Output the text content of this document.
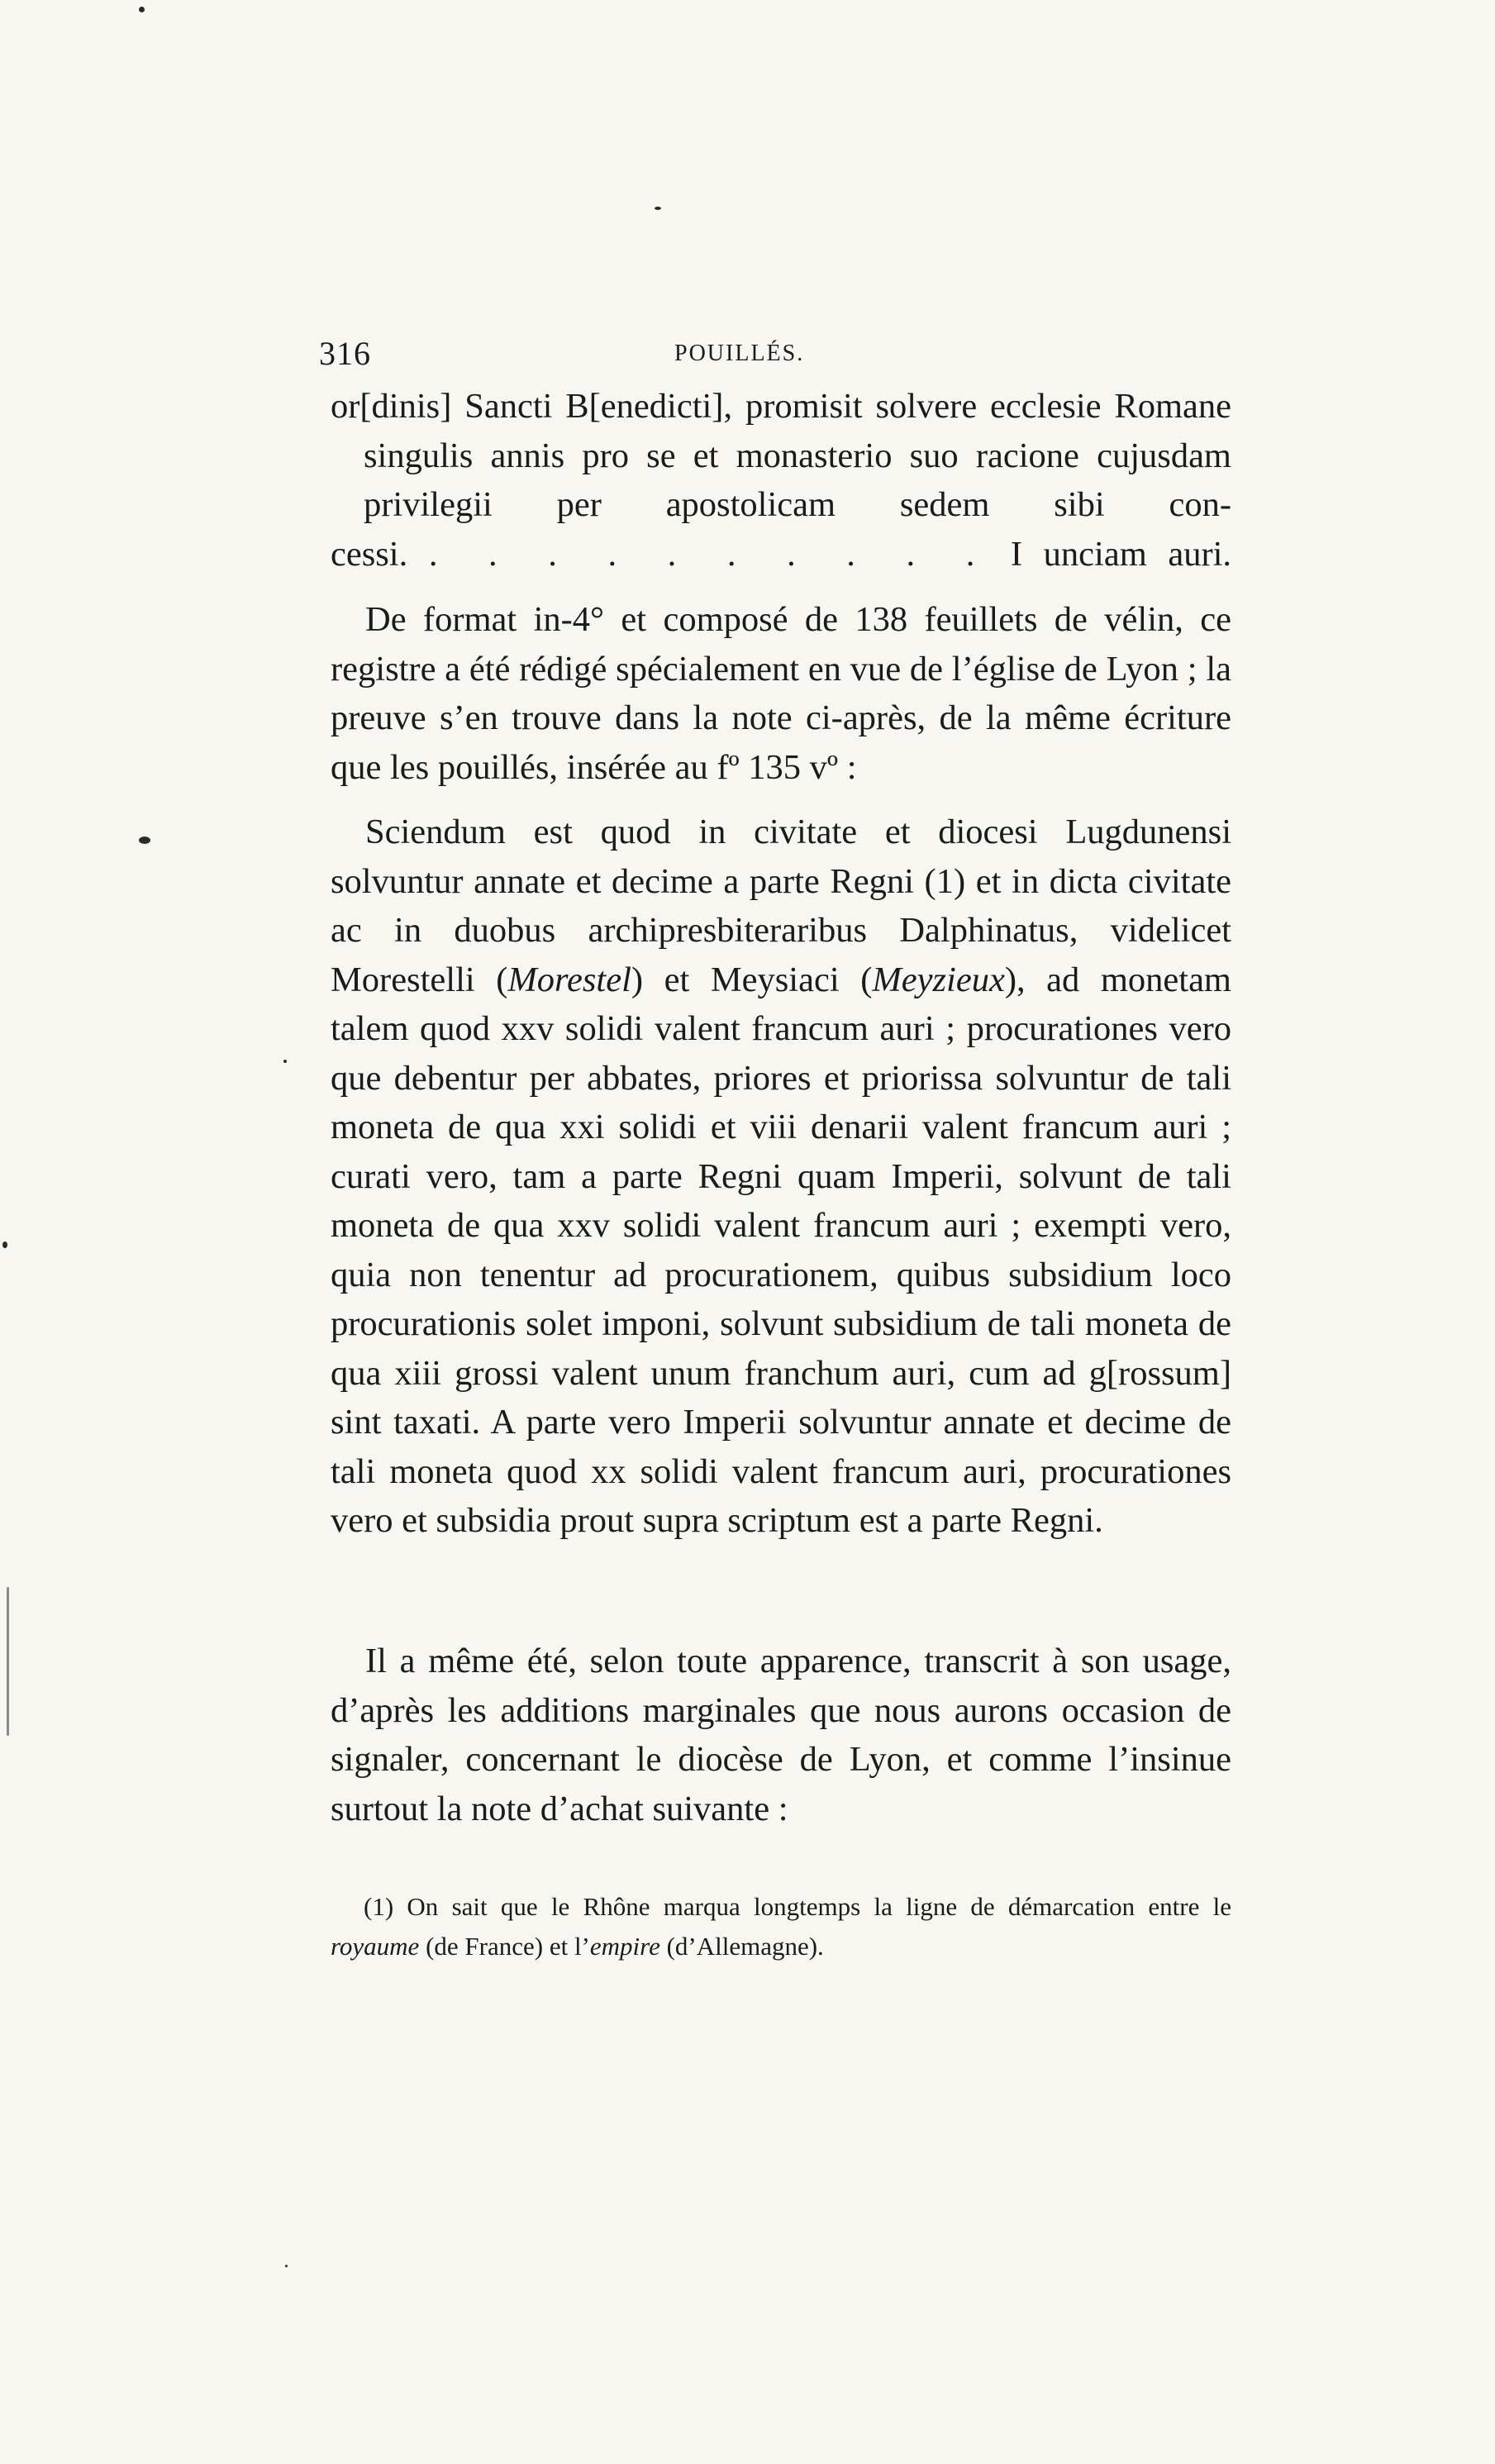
316	POUILLÉS.

or[dinis] Sancti B[enedicti], promisit solvere ecclesie Romane singulis annis pro se et monasterio suo racione cujusdam privilegii per apostolicam sedem sibi con-

cessi. . . . . . . . . . . I unciam auri.

De format in-4° et composé de 138 feuillets de vélin, ce registre a été rédigé spécialement en vue de l’église de Lyon ; la preuve s’en trouve dans la note ci-après, de la même écriture que les pouillés, insérée au fº 135 vº :

Sciendum est quod in civitate et diocesi Lugdunensi solvuntur annate et decime a parte Regni (1) et in dicta civitate ac in duobus archipresbiteraribus Dalphinatus, videlicet Morestelli (Morestel) et Meysiaci (Meyzieux), ad monetam talem quod xxv solidi valent francum auri ; procurationes vero que debentur per abbates, priores et priorissa solvuntur de tali moneta de qua xxi solidi et viii denarii valent francum auri ; curati vero, tam a parte Regni quam Imperii, solvunt de tali moneta de qua xxv solidi valent francum auri ; exempti vero, quia non tenentur ad procurationem, quibus subsidium loco procurationis solet imponi, solvunt subsidium de tali moneta de qua xiii grossi valent unum franchum auri, cum ad g[rossum] sint taxati. A parte vero Imperii solvuntur annate et decime de tali moneta quod xx solidi valent francum auri, procurationes vero et subsidia prout supra scriptum est a parte Regni.

Il a même été, selon toute apparence, transcrit à son usage, d’après les additions marginales que nous aurons occasion de signaler, concernant le diocèse de Lyon, et comme l’insinue surtout la note d’achat suivante :

(1) On sait que le Rhône marqua longtemps la ligne de démarcation entre le royaume (de France) et l’empire (d’Allemagne).
